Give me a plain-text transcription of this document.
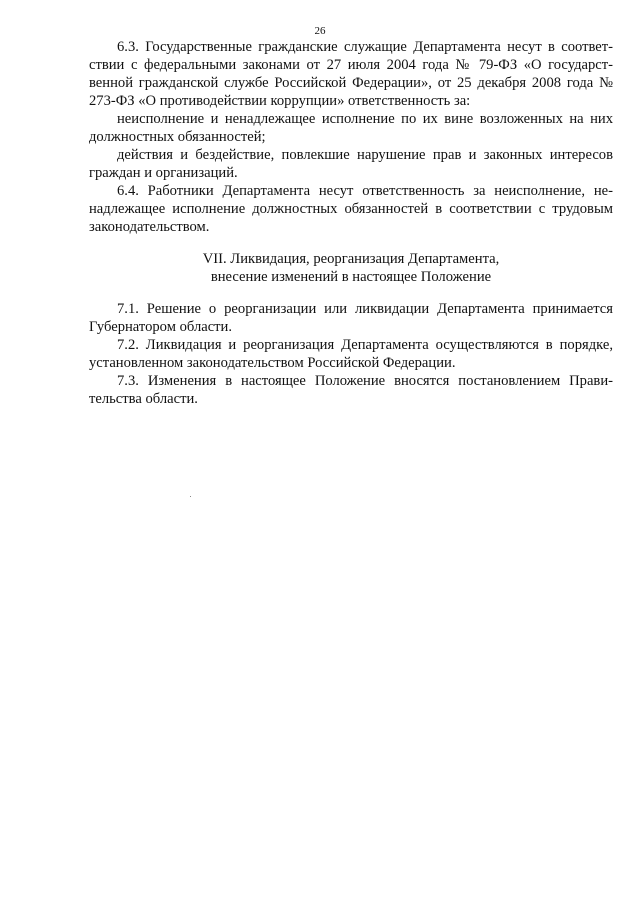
26

6.3. Государственные гражданские служащие Департамента несут в соответ-
ствии с федеральными законами от 27 июля 2004 года № 79-ФЗ «О государст-
венной гражданской службе Российской Федерации», от 25 декабря 2008 года №
273-ФЗ «О противодействии коррупции» ответственность за:

неисполнение и ненадлежащее исполнение по их вине возложенных на них
должностных обязанностей;

действия и бездействие, повлекшие нарушение прав и законных интересов
граждан и организаций.

6.4. Работники Департамента несут ответственность за неисполнение, не-
надлежащее исполнение должностных обязанностей в соответствии с трудовым
законодательством.

VII. Ликвидация, реорганизация Департамента,
внесение изменений в настоящее Положение

7.1. Решение о реорганизации или ликвидации Департамента принимается
Губернатором области.

7.2. Ликвидация и реорганизация Департамента осуществляются в порядке,
установленном законодательством Российской Федерации.

7.3. Изменения в настоящее Положение вносятся постановлением Прави-
тельства области.
